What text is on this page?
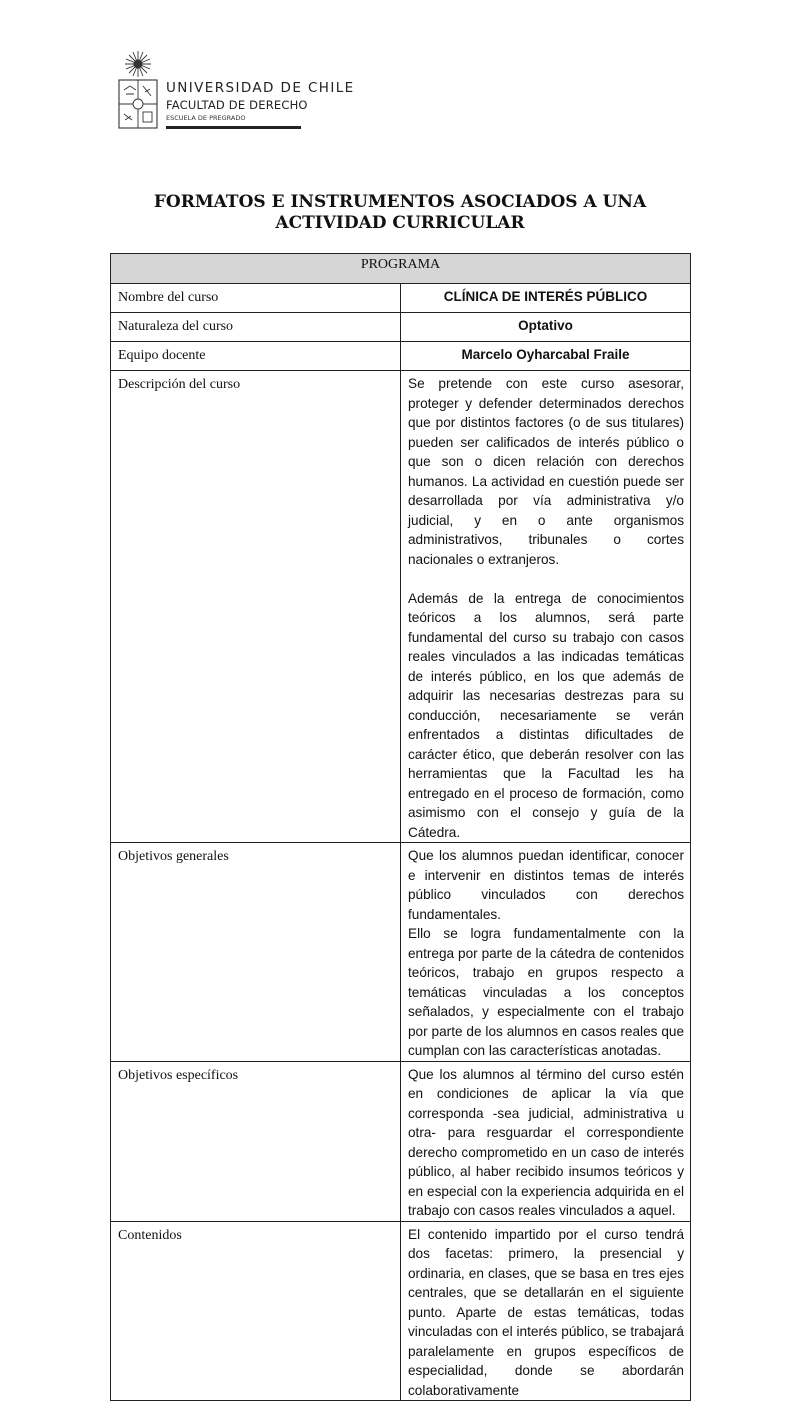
UNIVERSIDAD DE CHILE
FACULTAD DE DERECHO
ESCUELA DE PREGRADO
FORMATOS E INSTRUMENTOS ASOCIADOS A UNA
ACTIVIDAD CURRICULAR
PROGRAMA	
Nombre del curso	CLÍNICA DE INTERÉS PÚBLICO
Naturaleza del curso	Optativo
Equipo docente	Marcelo Oyharcabal Fraile
Descripción del curso	Se pretende con este curso asesorar, proteger y defender determinados derechos que por distintos factores (o de sus titulares) pueden ser calificados de interés público o que son o dicen relación con derechos humanos. La actividad en cuestión puede ser desarrollada por vía administrativa y/o judicial, y en o ante organismos administrativos, tribunales o cortes nacionales o extranjeros.

Además de la entrega de conocimientos teóricos a los alumnos, será parte fundamental del curso su trabajo con casos reales vinculados a las indicadas temáticas de interés público, en los que además de adquirir las necesarias destrezas para su conducción, necesariamente se verán enfrentados a distintas dificultades de carácter ético, que deberán resolver con las herramientas que la Facultad les ha entregado en el proceso de formación, como asimismo con el consejo y guía de la Cátedra.

Objetivos generales	Que los alumnos puedan identificar, conocer e intervenir en distintos temas de interés público vinculados con derechos fundamentales.

Ello se logra fundamentalmente con la entrega por parte de la cátedra de contenidos teóricos, trabajo en grupos respecto a temáticas vinculadas a los conceptos señalados, y especialmente con el trabajo por parte de los alumnos en casos reales que cumplan con las características anotadas.

Objetivos específicos	Que los alumnos al término del curso estén en condiciones de aplicar la vía que corresponda -sea judicial, administrativa u otra- para resguardar el correspondiente derecho comprometido en un caso de interés público, al haber recibido insumos teóricos y en especial con la experiencia adquirida en el trabajo con casos reales vinculados a aquel.

Contenidos	El contenido impartido por el curso tendrá dos facetas: primero, la presencial y ordinaria, en clases, que se basa en tres ejes centrales, que se detallarán en el siguiente punto. Aparte de estas temáticas, todas vinculadas con el interés público, se trabajará paralelamente en grupos específicos de especialidad, donde se abordarán colaborativamente
